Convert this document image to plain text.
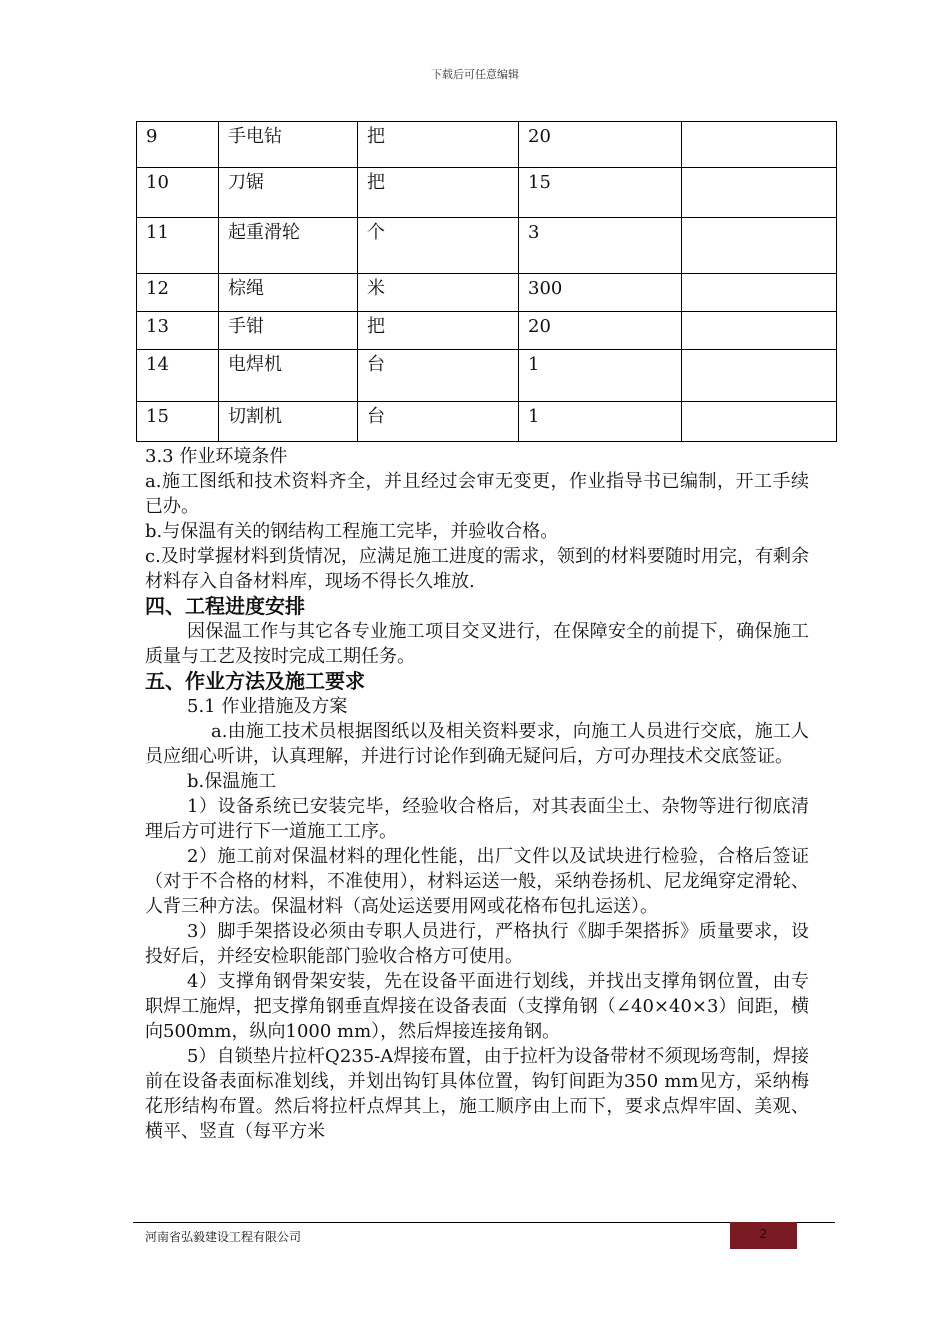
下载后可任意编辑
9	手电钻	把	20	
10	刀锯	把	15	
11	起重滑轮	个	3	
12	棕绳	米	300	
13	手钳	把	20	
14	电焊机	台	1	
15	切割机	台	1	

3.3 作业环境条件

a.施工图纸和技术资料齐全，并且经过会审无变更，作业指导书已编制，开工手续已办。

b.与保温有关的钢结构工程施工完毕，并验收合格。

c.及时掌握材料到货情况，应满足施工进度的需求，领到的材料要随时用完，有剩余材料存入自备材料库，现场不得长久堆放.

四、工程进度安排

因保温工作与其它各专业施工项目交叉进行，在保障安全的前提下，确保施工质量与工艺及按时完成工期任务。

五、作业方法及施工要求

5.1 作业措施及方案

a.由施工技术员根据图纸以及相关资料要求，向施工人员进行交底，施工人员应细心听讲，认真理解，并进行讨论作到确无疑问后，方可办理技术交底签证。

b.保温施工

1）设备系统已安装完毕，经验收合格后，对其表面尘土、杂物等进行彻底清理后方可进行下一道施工工序。

2）施工前对保温材料的理化性能，出厂文件以及试块进行检验，合格后签证（对于不合格的材料，不准使用），材料运送一般，采纳卷扬机、尼龙绳穿定滑轮、人背三种方法。保温材料（高处运送要用网或花格布包扎运送）。

3）脚手架搭设必须由专职人员进行，严格执行《脚手架搭拆》质量要求，设投好后，并经安检职能部门验收合格方可使用。

4）支撑角钢骨架安装，先在设备平面进行划线，并找出支撑角钢位置，由专职焊工施焊，把支撑角钢垂直焊接在设备表面（支撑角钢（∠40×40×3）间距，横向500mm，纵向1000 mm），然后焊接连接角钢。

5）自锁垫片拉杆Q235-A焊接布置，由于拉杆为设备带材不须现场弯制，焊接前在设备表面标准划线，并划出钩钉具体位置，钩钉间距为350 mm见方，采纳梅花形结构布置。然后将拉杆点焊其上，施工顺序由上而下，要求点焊牢固、美观、横平、竖直（每平方米

河南省弘毅建设工程有限公司	2
